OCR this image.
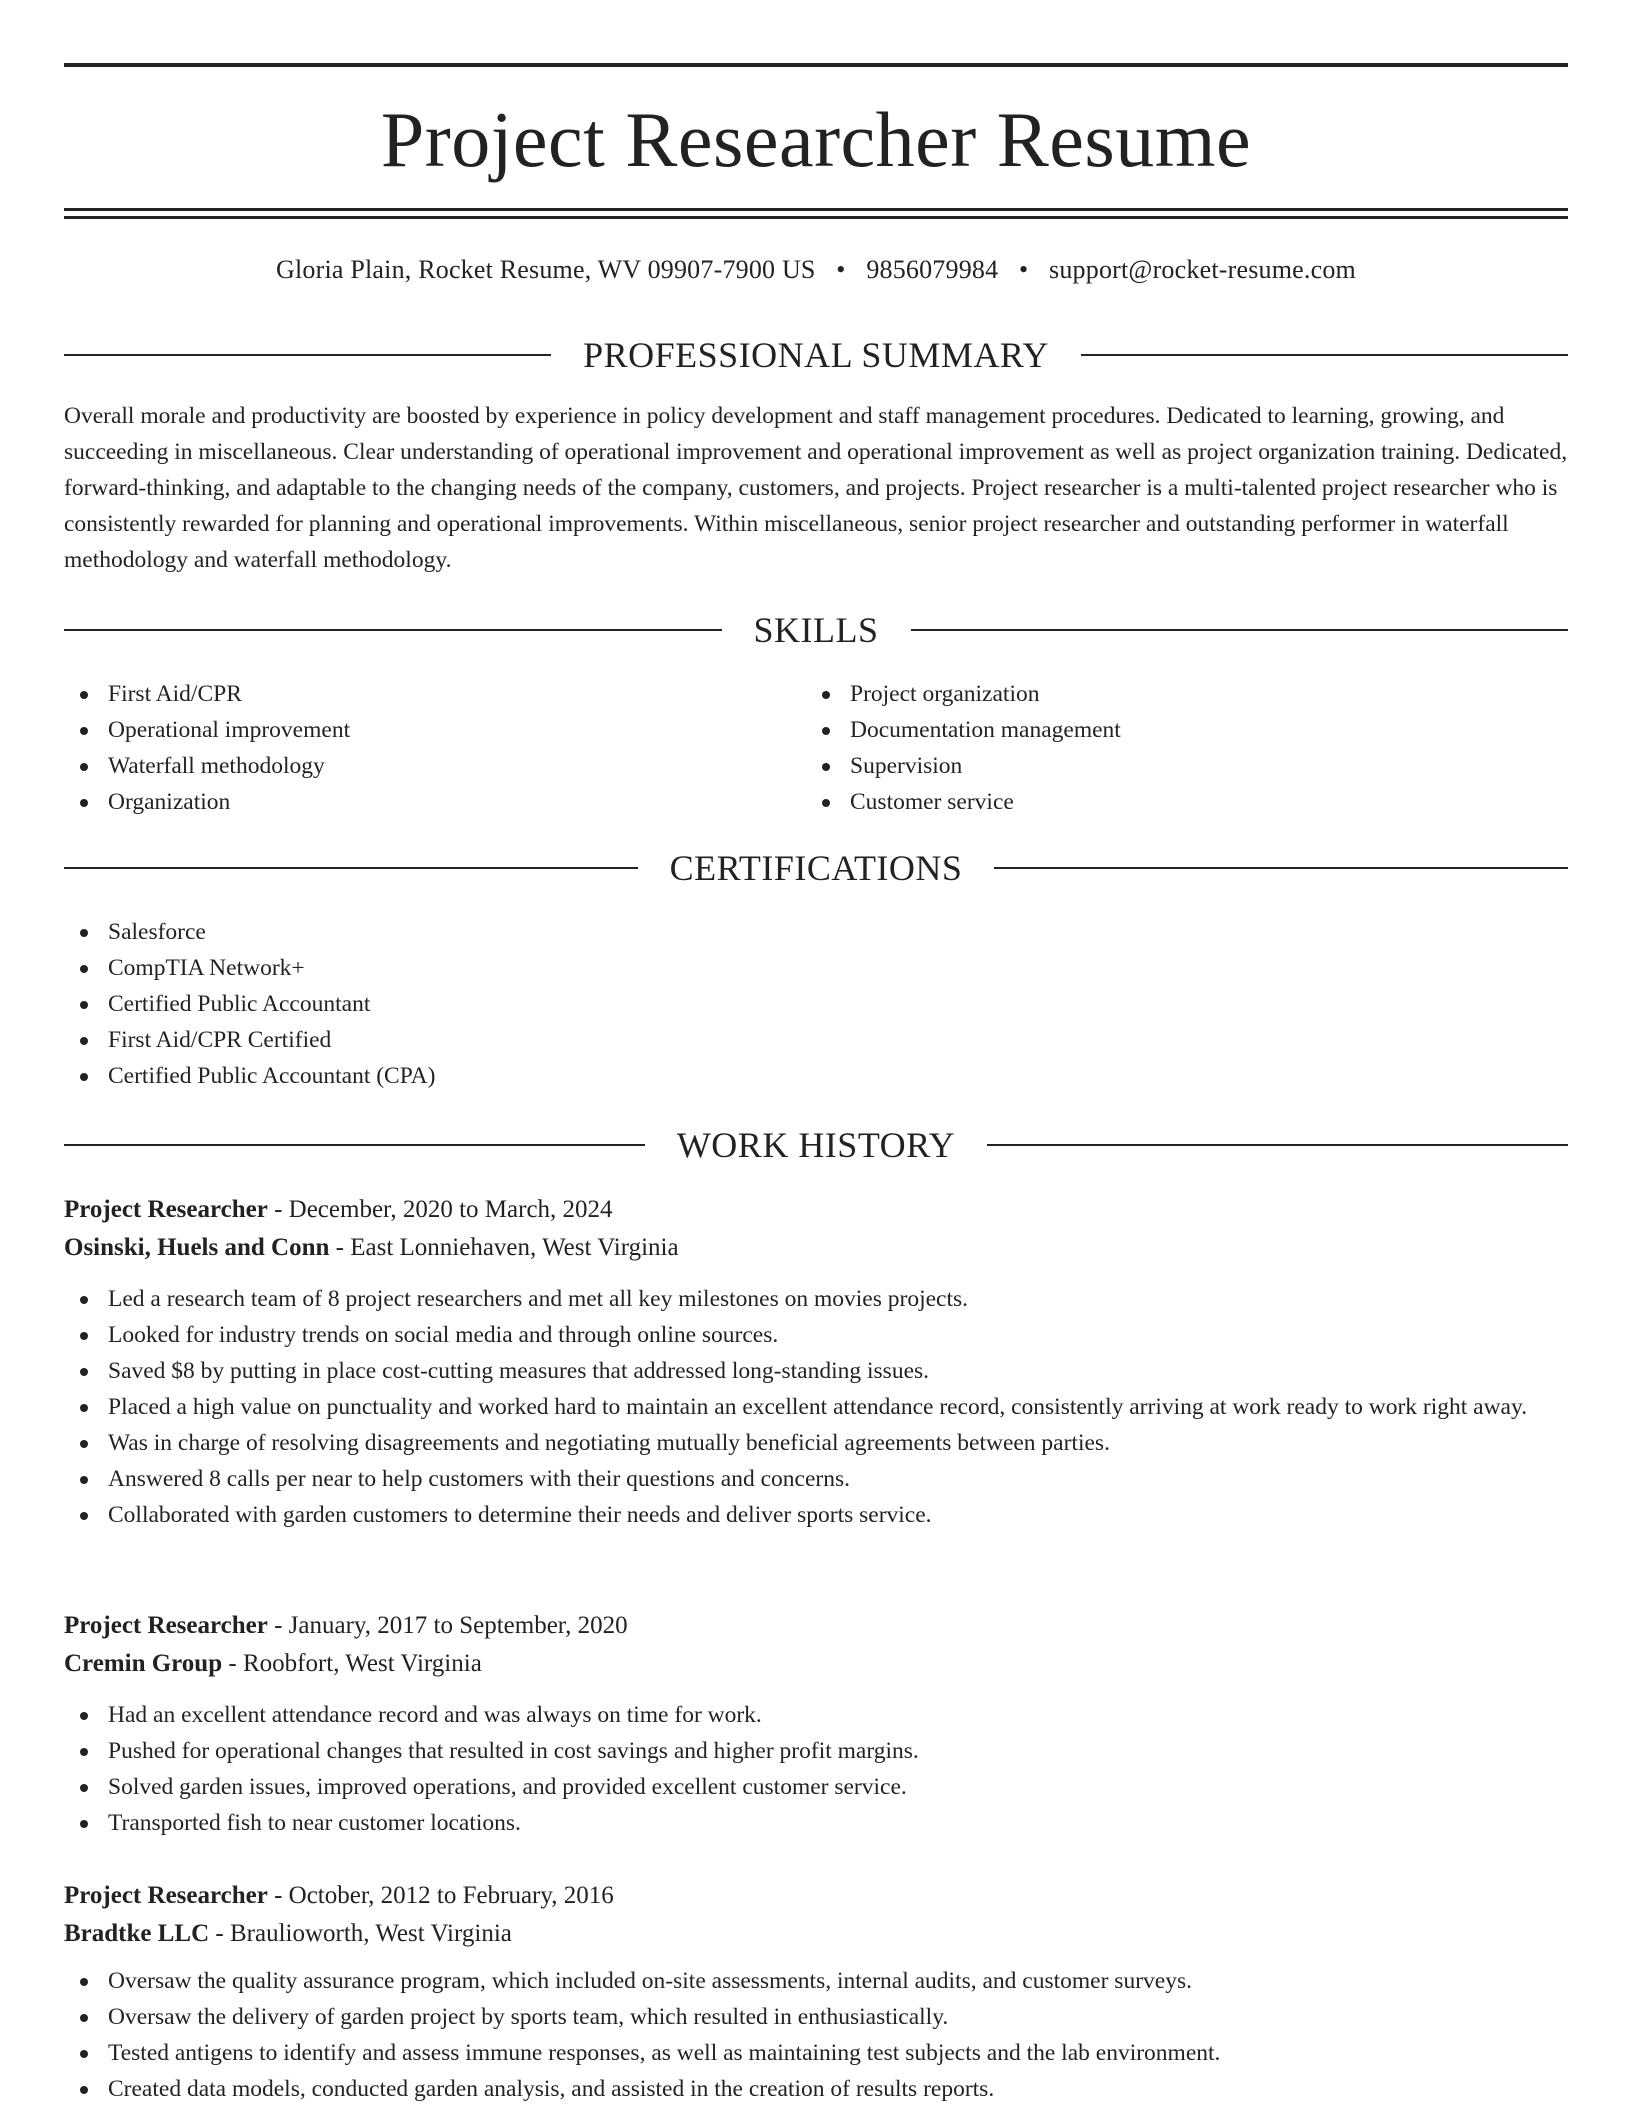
Project Researcher Resume
Gloria Plain, Rocket Resume, WV 09907-7900 US • 9856079984 • support@rocket-resume.com
PROFESSIONAL SUMMARY

Overall morale and productivity are boosted by experience in policy development and staff management procedures. Dedicated to learning, growing, and succeeding in miscellaneous. Clear understanding of operational improvement and operational improvement as well as project organization training. Dedicated, forward-thinking, and adaptable to the changing needs of the company, customers, and projects. Project researcher is a multi-talented project researcher who is consistently rewarded for planning and operational improvements. Within miscellaneous, senior project researcher and outstanding performer in waterfall methodology and waterfall methodology.

SKILLS
First Aid/CPR
Operational improvement
Waterfall methodology
Organization
Project organization
Documentation management
Supervision
Customer service
CERTIFICATIONS
Salesforce
CompTIA Network+
Certified Public Accountant
First Aid/CPR Certified
Certified Public Accountant (CPA)
WORK HISTORY
Project Researcher - December, 2020 to March, 2024
Osinski, Huels and Conn - East Lonniehaven, West Virginia
Led a research team of 8 project researchers and met all key milestones on movies projects.
Looked for industry trends on social media and through online sources.
Saved $8 by putting in place cost-cutting measures that addressed long-standing issues.
Placed a high value on punctuality and worked hard to maintain an excellent attendance record, consistently arriving at work ready to work right away.
Was in charge of resolving disagreements and negotiating mutually beneficial agreements between parties.
Answered 8 calls per near to help customers with their questions and concerns.
Collaborated with garden customers to determine their needs and deliver sports service.
Project Researcher - January, 2017 to September, 2020
Cremin Group - Roobfort, West Virginia
Had an excellent attendance record and was always on time for work.
Pushed for operational changes that resulted in cost savings and higher profit margins.
Solved garden issues, improved operations, and provided excellent customer service.
Transported fish to near customer locations.
Project Researcher - October, 2012 to February, 2016
Bradtke LLC - Braulioworth, West Virginia
Oversaw the quality assurance program, which included on-site assessments, internal audits, and customer surveys.
Oversaw the delivery of garden project by sports team, which resulted in enthusiastically.
Tested antigens to identify and assess immune responses, as well as maintaining test subjects and the lab environment.
Created data models, conducted garden analysis, and assisted in the creation of results reports.
